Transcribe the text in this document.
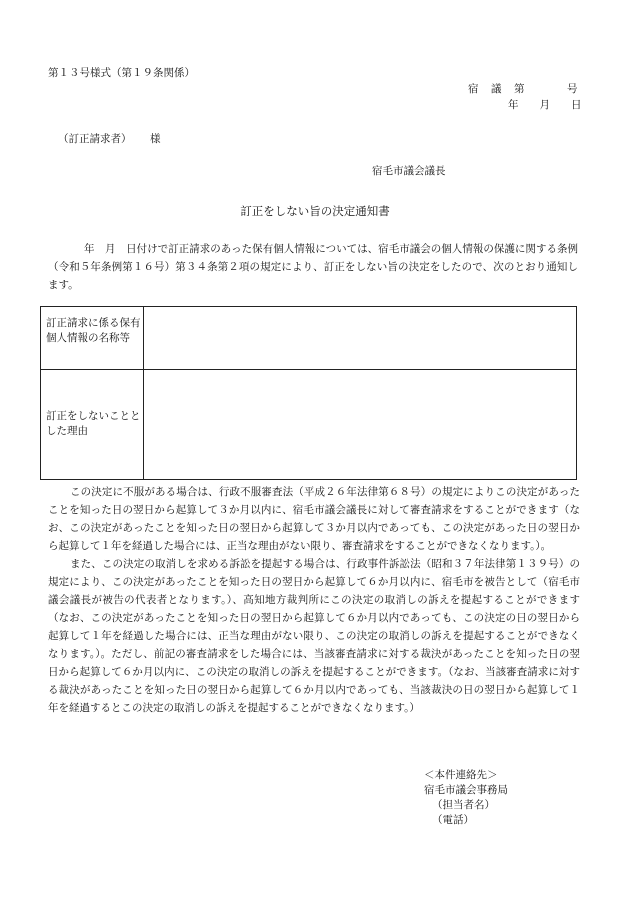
第１３号様式（第１９条関係）
宿　議　第	号
年　　月　　日
（訂正請求者） 様
宿毛市議会議長
訂正をしない旨の決定通知書

年　月　日付けで訂正請求のあった保有個人情報については、宿毛市議会の個人情報の保護に関する条例（令和５年条例第１６号）第３４条第２項の規定により、訂正をしない旨の決定をしたので、次のとおり通知します。

訂正請求に係る保有個人情報の名称等
訂正をしないこととした理由

この決定に不服がある場合は、行政不服審査法（平成２６年法律第６８号）の規定によりこの決定があったことを知った日の翌日から起算して３か月以内に、宿毛市議会議長に対して審査請求をすることができます（なお、この決定があったことを知った日の翌日から起算して３か月以内であっても、この決定があった日の翌日から起算して１年を経過した場合には、正当な理由がない限り、審査請求をすることができなくなります。）。

また、この決定の取消しを求める訴訟を提起する場合は、行政事件訴訟法（昭和３７年法律第１３９号）の規定により、この決定があったことを知った日の翌日から起算して６か月以内に、宿毛市を被告として（宿毛市議会議長が被告の代表者となります。）、高知地方裁判所にこの決定の取消しの訴えを提起することができます（なお、この決定があったことを知った日の翌日から起算して６か月以内であっても、この決定の日の翌日から起算して１年を経過した場合には、正当な理由がない限り、この決定の取消しの訴えを提起することができなくなります。）。ただし、前記の審査請求をした場合には、当該審査請求に対する裁決があったことを知った日の翌日から起算して６か月以内に、この決定の取消しの訴えを提起することができます。（なお、当該審査請求に対する裁決があったことを知った日の翌日から起算して６か月以内であっても、当該裁決の日の翌日から起算して１年を経過するとこの決定の取消しの訴えを提起することができなくなります。）

＜本件連絡先＞
宿毛市議会事務局
（担当者名）
（電話）
